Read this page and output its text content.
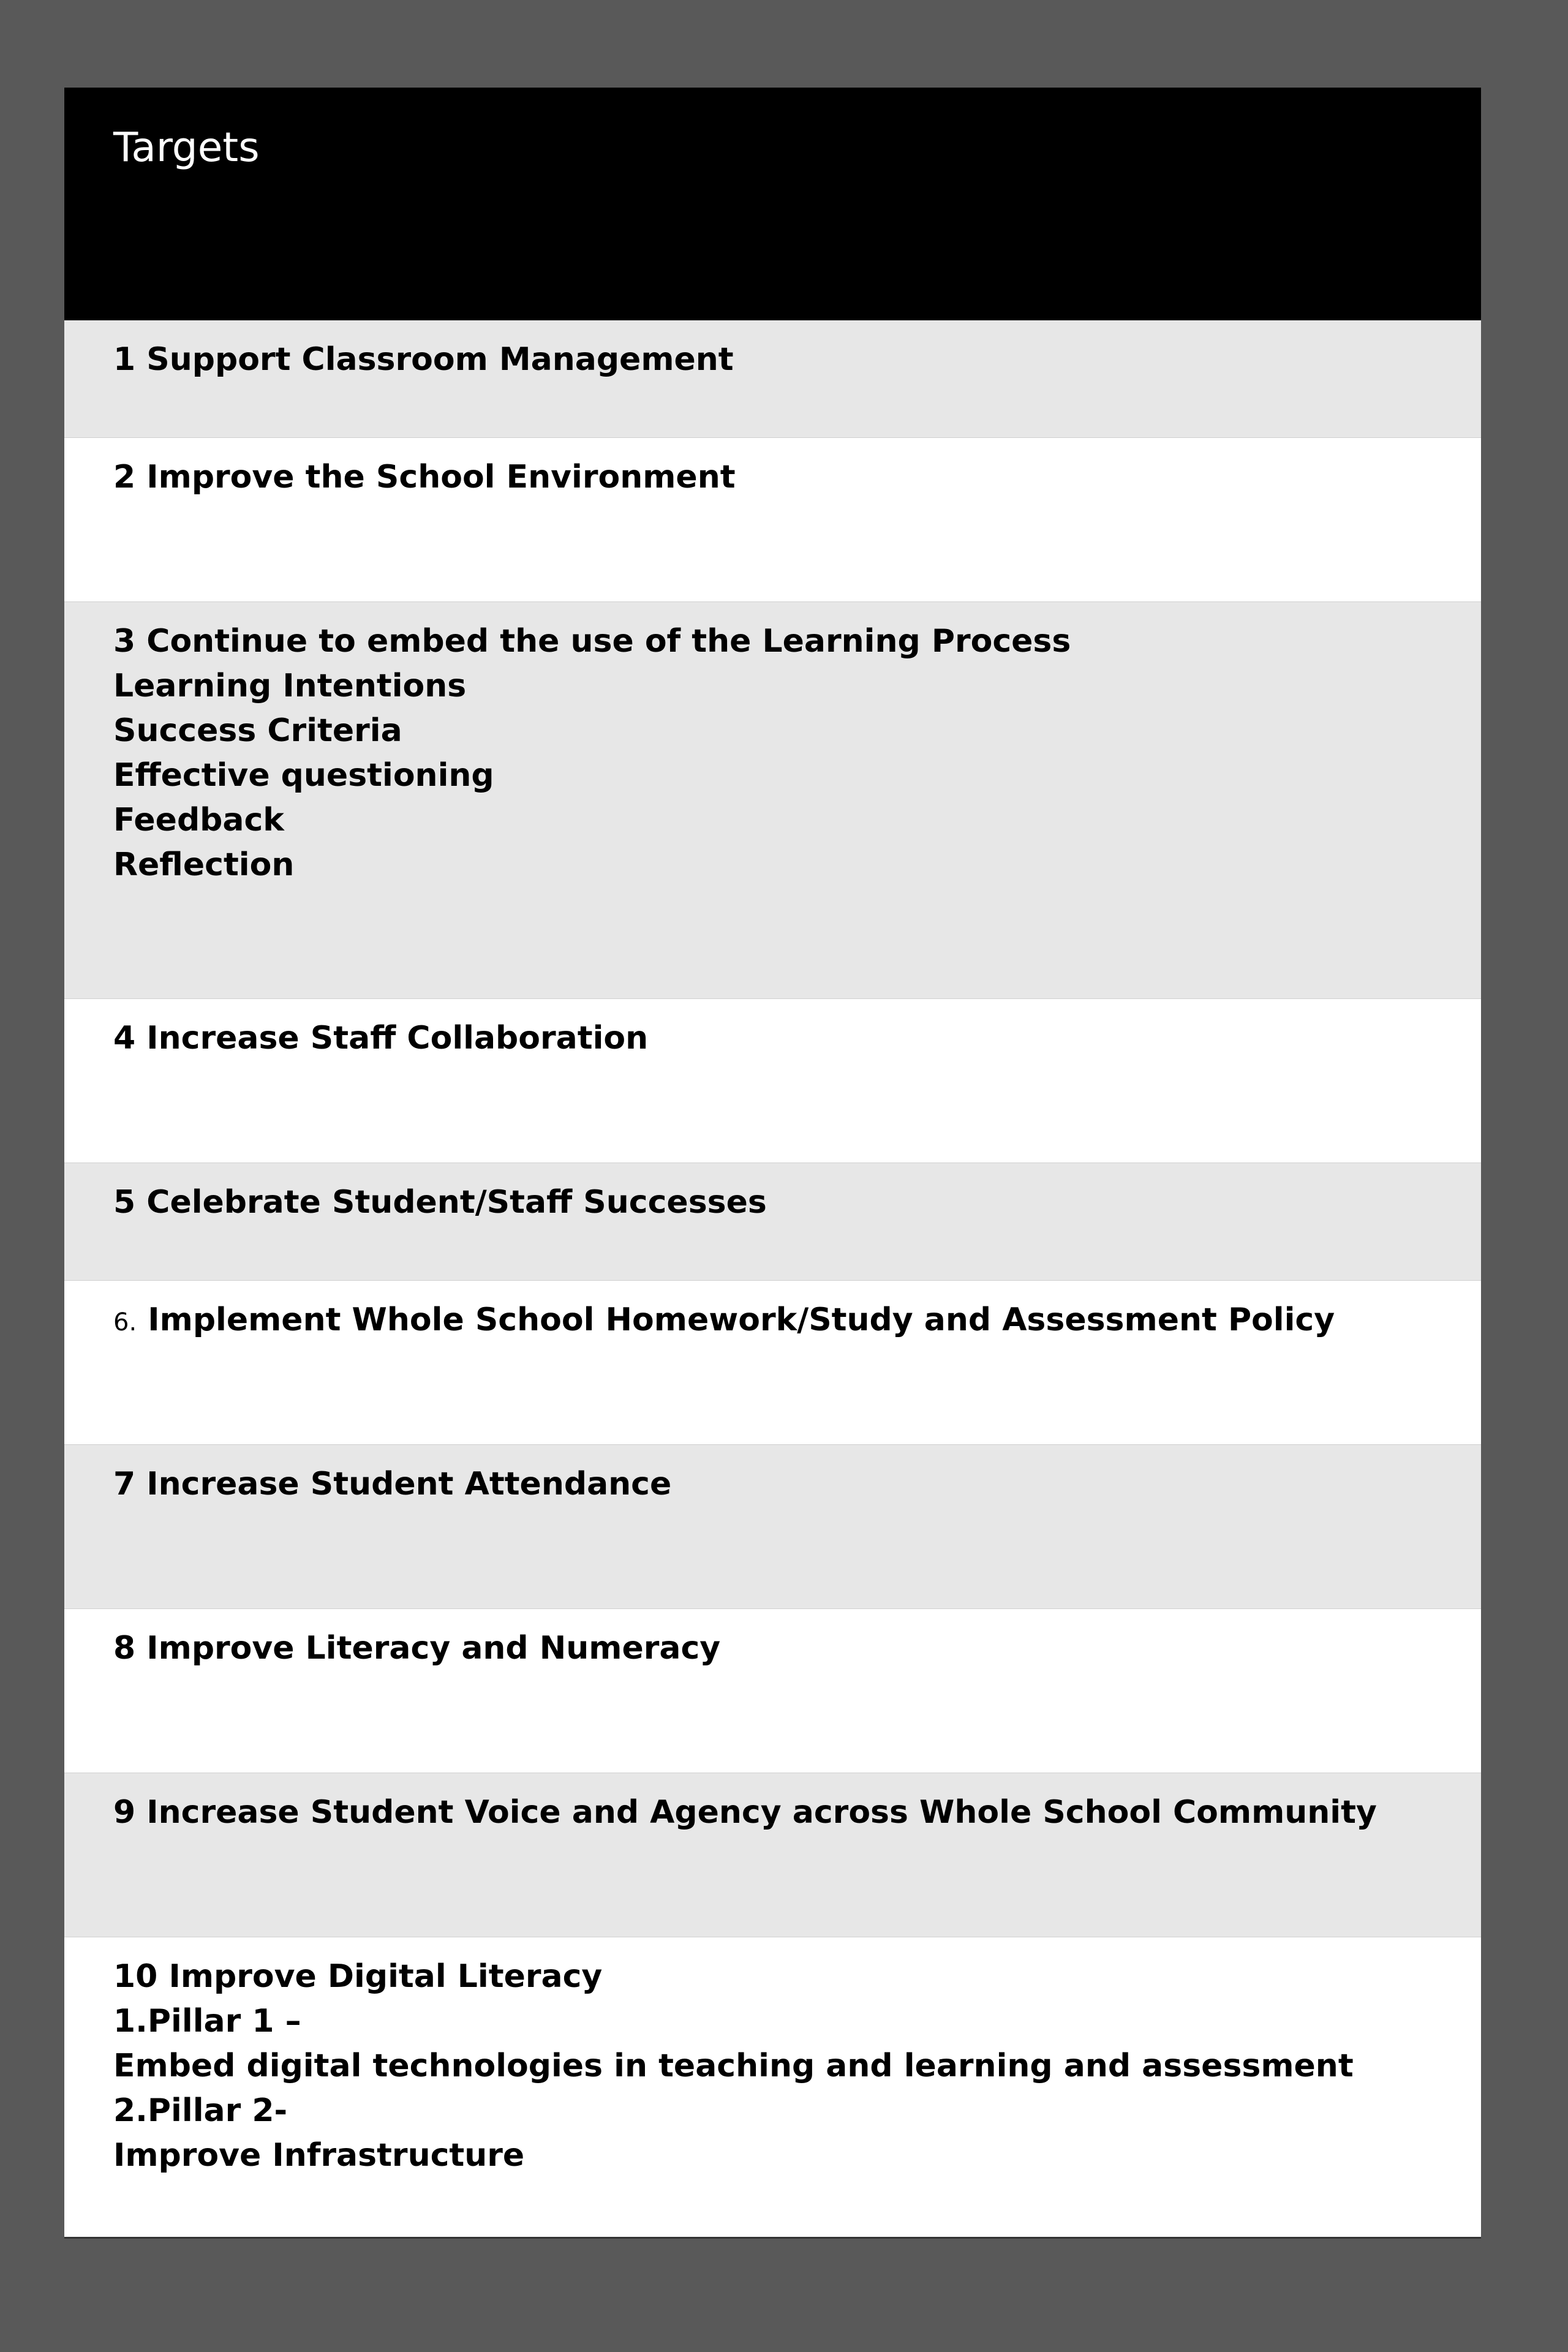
Targets
1 Support Classroom Management
2 Improve the School Environment
3 Continue to embed the use of the Learning Process
Learning Intentions
Success Criteria
Effective questioning
Feedback
Reflection
4 Increase Staff Collaboration
5 Celebrate Student/Staff Successes
6. Implement Whole School Homework/Study and Assessment Policy
7 Increase Student Attendance
8 Improve Literacy and Numeracy
9 Increase Student Voice and Agency across Whole School Community
10 Improve Digital Literacy
1.Pillar 1 –
Embed digital technologies in teaching and learning and assessment
2.Pillar 2-
Improve Infrastructure
